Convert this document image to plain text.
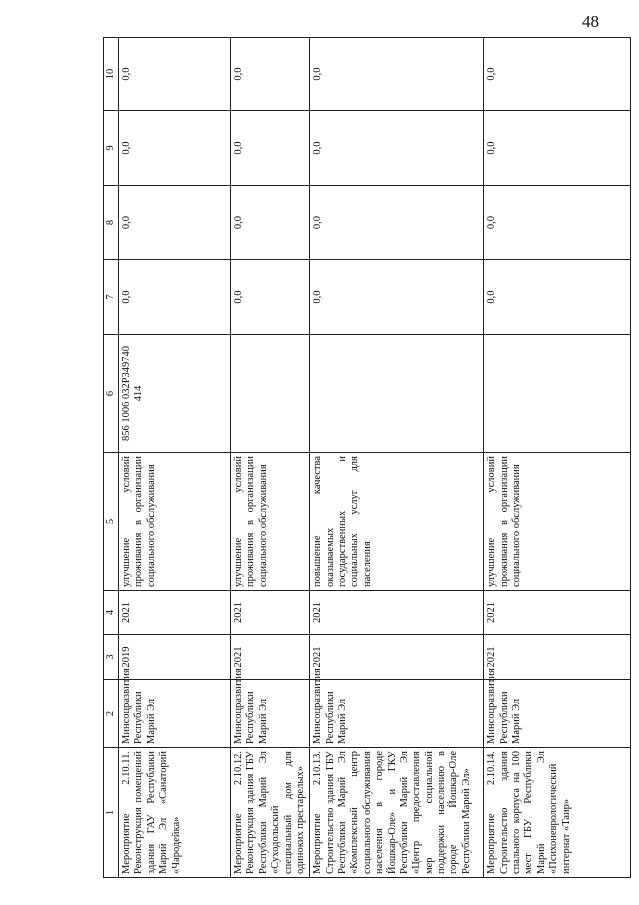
48
1	2	3	4	5	6	7	8	9	10
Мероприятие 2.10.11. Реконструкция помещений здания ГАУ Республики Марий Эл «Санаторий «Чародейка»	Минсоцразвития Республики Марий Эл	2019	2021	улучшение условий проживания в организации социального обслуживания	856 1006 032Р349740 414	0,0	0,0	0,0	0,0
Мероприятие 2.10.12. Реконструкция здания ГБУ Республики Марий Эл «Суходольский специальный дом для одиноких престарелых»	Минсоцразвития Республики Марий Эл	2021	2021	улучшение условий проживания в организации социального обслуживания		0,0	0,0	0,0	0,0
Мероприятие 2.10.13. Строительство здания ГБУ Республики Марий Эл «Комплексный центр социального обслуживания населения в городе Йошкар-Оле» и ГКУ Республики Марий Эл «Центр предоставления мер социальной поддержки населению в городе Йошкар-Оле Республики Марий Эл»	Минсоцразвития Республики Марий Эл	2021	2021	повышение качества оказываемых государственных и социальных услуг для населения		0,0	0,0	0,0	0,0
Мероприятие 2.10.14. Строительство здания спального корпуса на 100 мест ГБУ Республики Марий Эл «Психоневрологический интернат «Таир»	Минсоцразвития Республики Марий Эл	2021	2021	улучшение условий проживания в организации социального обслуживания		0,0	0,0	0,0	0,0
